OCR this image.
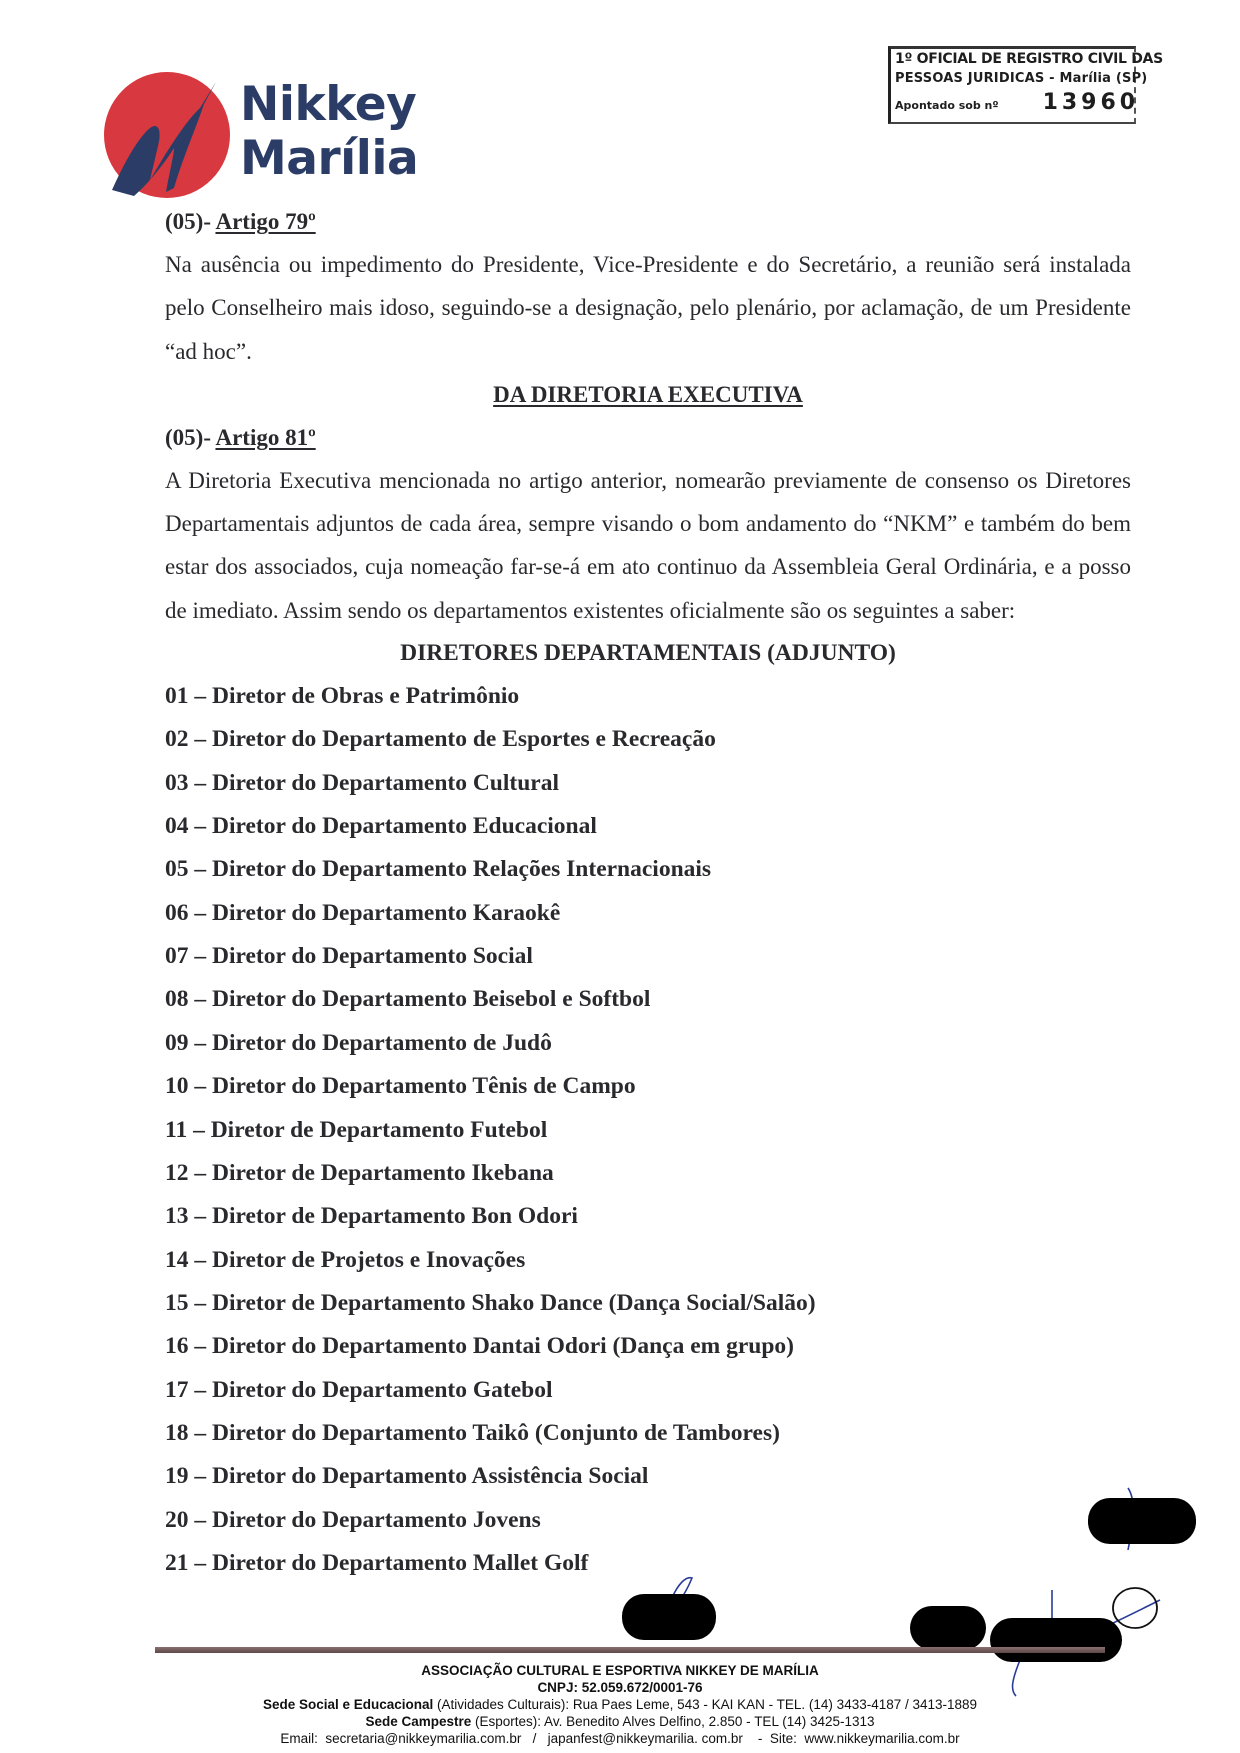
Nikkey
Marília
1º OFICIAL DE REGISTRO CIVIL DAS
PESSOAS JURIDICAS - Marília (SP)
Apontado sob nº 13960
(05)- Artigo 79º
Na ausência ou impedimento do Presidente, Vice-Presidente e do Secretário, a reunião será instalada pelo Conselheiro mais idoso, seguindo-se a designação, pelo plenário, por aclamação, de um Presidente “ad hoc”.
DA DIRETORIA EXECUTIVA
(05)- Artigo 81º
A Diretoria Executiva mencionada no artigo anterior, nomearão previamente de consenso os Diretores Departamentais adjuntos de cada área, sempre visando o bom andamento do “NKM” e também do bem estar dos associados, cuja nomeação far-se-á em ato continuo da Assembleia Geral Ordinária, e a posso de imediato. Assim sendo os departamentos existentes oficialmente são os seguintes a saber:
DIRETORES DEPARTAMENTAIS (ADJUNTO)
01 – Diretor de Obras e Patrimônio
02 – Diretor do Departamento de Esportes e Recreação
03 – Diretor do Departamento Cultural
04 – Diretor do Departamento Educacional
05 – Diretor do Departamento Relações Internacionais
06 – Diretor do Departamento Karaokê
07 – Diretor do Departamento Social
08 – Diretor do Departamento Beisebol e Softbol
09 – Diretor do Departamento de Judô
10 – Diretor do Departamento Tênis de Campo
11 – Diretor de Departamento Futebol
12 – Diretor de Departamento Ikebana
13 – Diretor de Departamento Bon Odori
14 – Diretor de Projetos e Inovações
15 – Diretor de Departamento Shako Dance (Dança Social/Salão)
16 – Diretor do Departamento Dantai Odori (Dança em grupo)
17 – Diretor do Departamento Gatebol
18 – Diretor do Departamento Taikô (Conjunto de Tambores)
19 – Diretor do Departamento Assistência Social
20 – Diretor do Departamento Jovens
21 – Diretor do Departamento Mallet Golf
ASSOCIAÇÃO CULTURAL E ESPORTIVA NIKKEY DE MARÍLIA
CNPJ: 52.059.672/0001-76
Sede Social e Educacional (Atividades Culturais): Rua Paes Leme, 543 - KAI KAN - TEL. (14) 3433-4187 / 3413-1889
Sede Campestre (Esportes): Av. Benedito Alves Delfino, 2.850 - TEL (14) 3425-1313
Email:  secretaria@nikkeymarilia.com.br   /   japanfest@nikkeymarilia. com.br    -  Site:  www.nikkeymarilia.com.br
